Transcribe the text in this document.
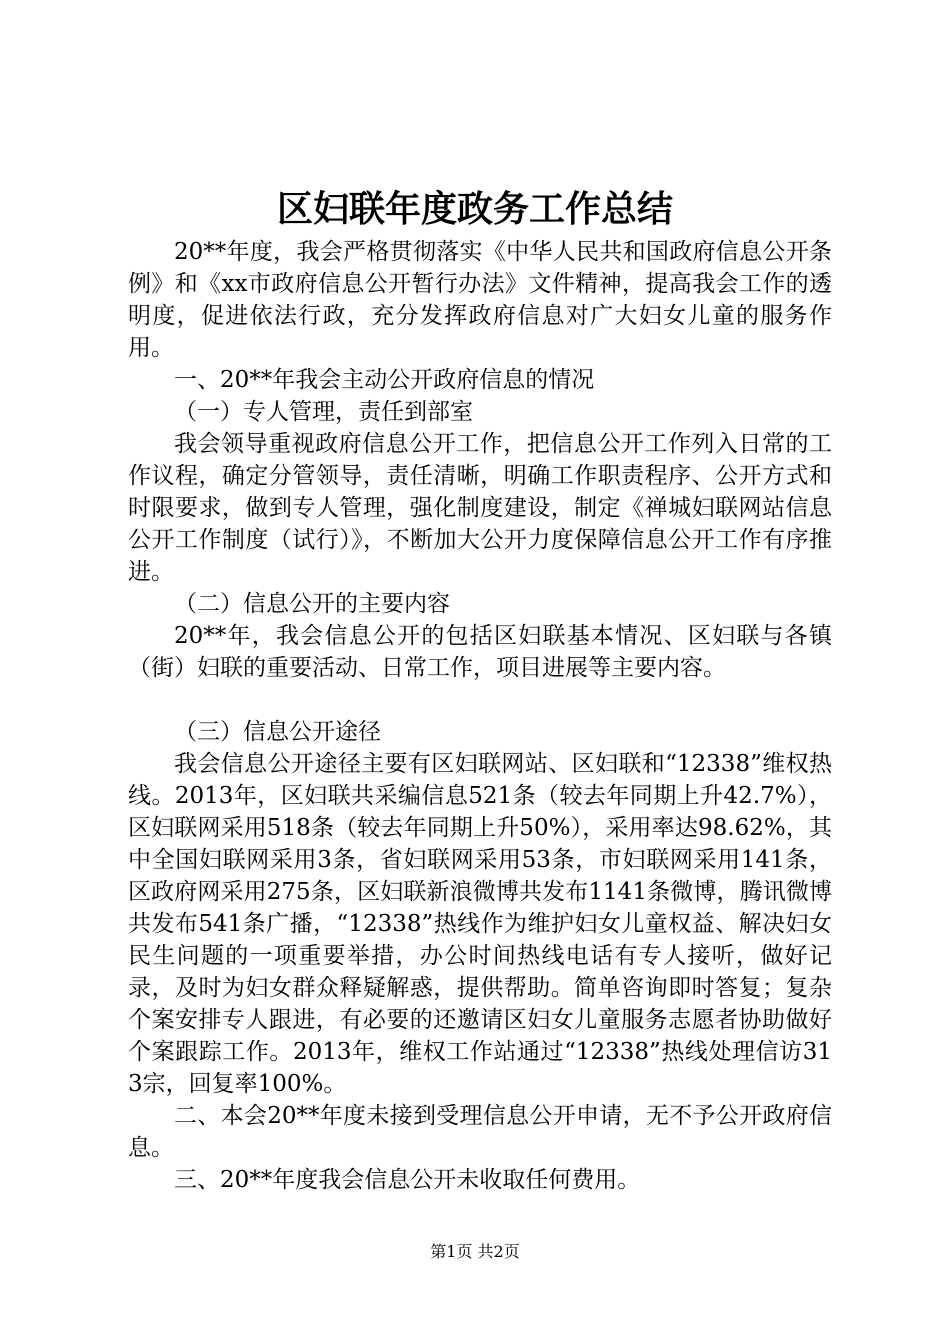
区妇联年度政务工作总结

20**年度，我会严格贯彻落实《中华人民共和国政府信息公开条例》和《xx市政府信息公开暂行办法》文件精神，提高我会工作的透明度，促进依法行政，充分发挥政府信息对广大妇女儿童的服务作用。

一、20**年我会主动公开政府信息的情况

（一）专人管理，责任到部室

我会领导重视政府信息公开工作，把信息公开工作列入日常的工作议程，确定分管领导，责任清晰，明确工作职责程序、公开方式和时限要求，做到专人管理，强化制度建设，制定《禅城妇联网站信息公开工作制度（试行）》，不断加大公开力度保障信息公开工作有序推进。

（二）信息公开的主要内容

20**年，我会信息公开的包括区妇联基本情况、区妇联与各镇（街）妇联的重要活动、日常工作，项目进展等主要内容。

（三）信息公开途径

我会信息公开途径主要有区妇联网站、区妇联和“12338”维权热线。2013年，区妇联共采编信息521条（较去年同期上升42.7%），区妇联网采用518条（较去年同期上升50%），采用率达98.62%，其中全国妇联网采用3条，省妇联网采用53条，市妇联网采用141条，区政府网采用275条，区妇联新浪微博共发布1141条微博，腾讯微博共发布541条广播，“12338”热线作为维护妇女儿童权益、解决妇女民生问题的一项重要举措，办公时间热线电话有专人接听，做好记录，及时为妇女群众释疑解惑，提供帮助。简单咨询即时答复；复杂个案安排专人跟进，有必要的还邀请区妇女儿童服务志愿者协助做好个案跟踪工作。2013年，维权工作站通过“12338”热线处理信访313宗，回复率100%。

二、本会20**年度未接到受理信息公开申请，无不予公开政府信息。

三、20**年度我会信息公开未收取任何费用。

第1页 共2页
